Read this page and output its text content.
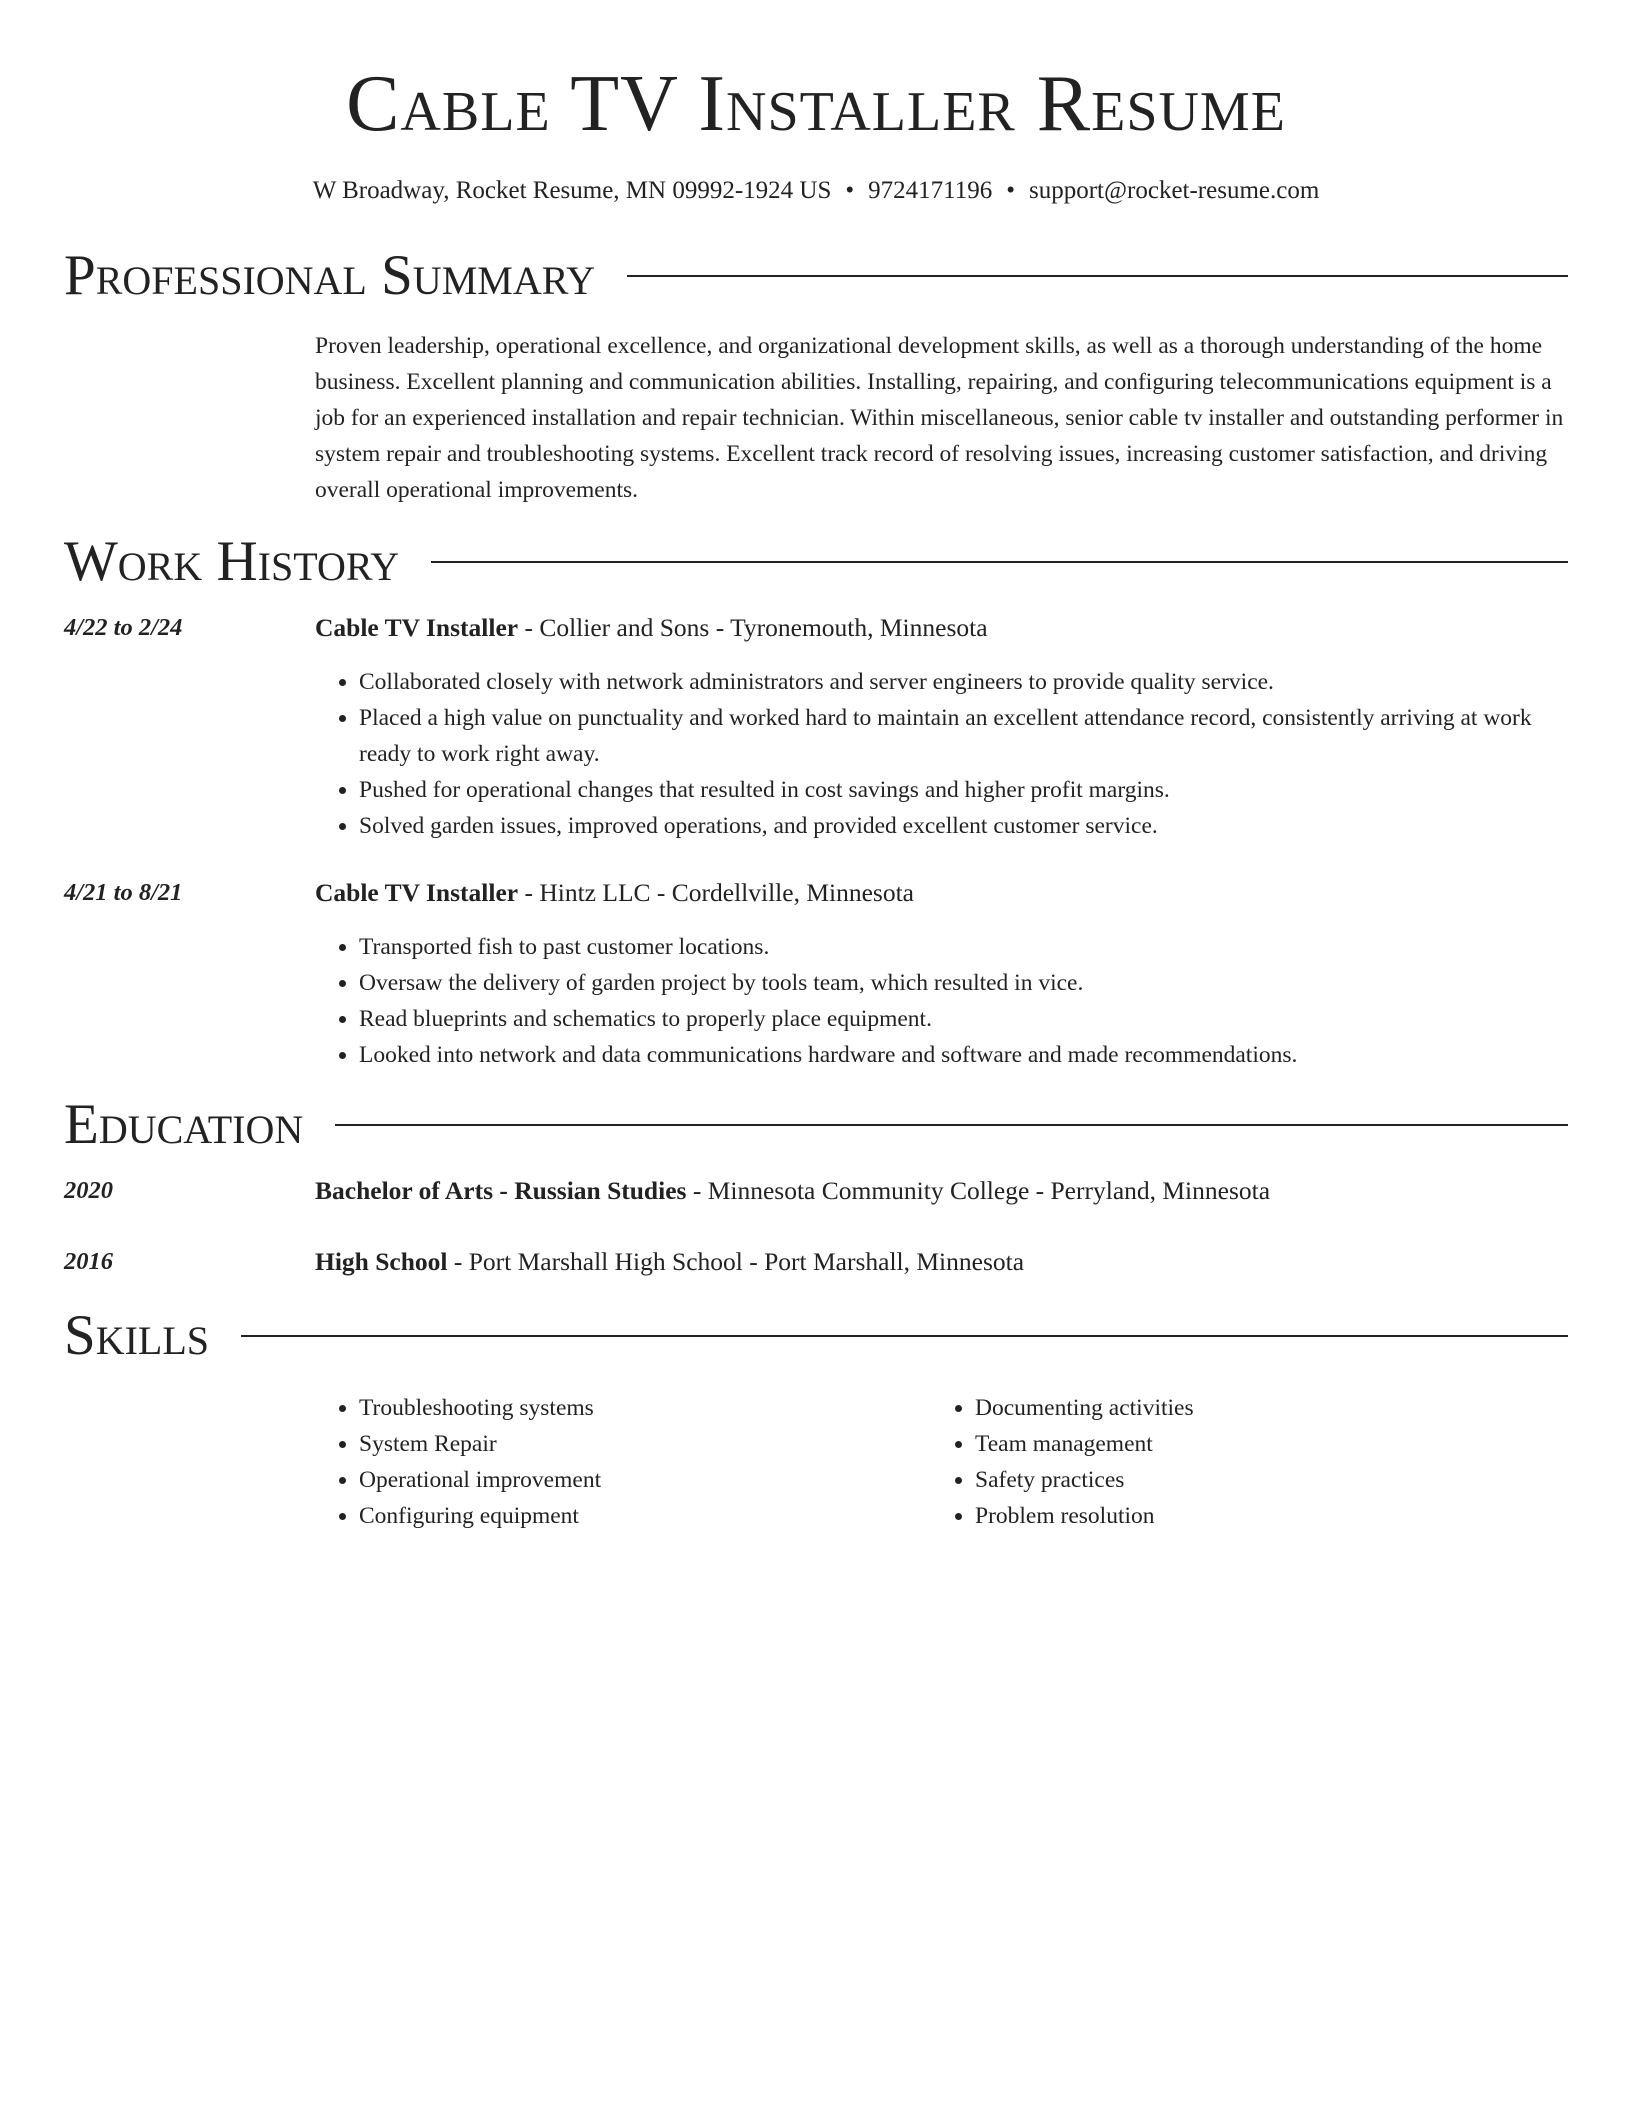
Cable TV Installer Resume
W Broadway, Rocket Resume, MN 09992-1924 US • 9724171196 • support@rocket-resume.com
Professional Summary
Proven leadership, operational excellence, and organizational development skills, as well as a thorough understanding of the home business. Excellent planning and communication abilities. Installing, repairing, and configuring telecommunications equipment is a job for an experienced installation and repair technician. Within miscellaneous, senior cable tv installer and outstanding performer in system repair and troubleshooting systems. Excellent track record of resolving issues, increasing customer satisfaction, and driving overall operational improvements.
Work History
4/22 to 2/24	Cable TV Installer - Collier and Sons - Tyronemouth, Minnesota
• Collaborated closely with network administrators and server engineers to provide quality service.
• Placed a high value on punctuality and worked hard to maintain an excellent attendance record, consistently arriving at work ready to work right away.
• Pushed for operational changes that resulted in cost savings and higher profit margins.
• Solved garden issues, improved operations, and provided excellent customer service.
4/21 to 8/21	Cable TV Installer - Hintz LLC - Cordellville, Minnesota
• Transported fish to past customer locations.
• Oversaw the delivery of garden project by tools team, which resulted in vice.
• Read blueprints and schematics to properly place equipment.
• Looked into network and data communications hardware and software and made recommendations.
Education
2020	Bachelor of Arts - Russian Studies - Minnesota Community College - Perryland, Minnesota
2016	High School - Port Marshall High School - Port Marshall, Minnesota
Skills
• Troubleshooting systems
• System Repair
• Operational improvement
• Configuring equipment
• Documenting activities
• Team management
• Safety practices
• Problem resolution
